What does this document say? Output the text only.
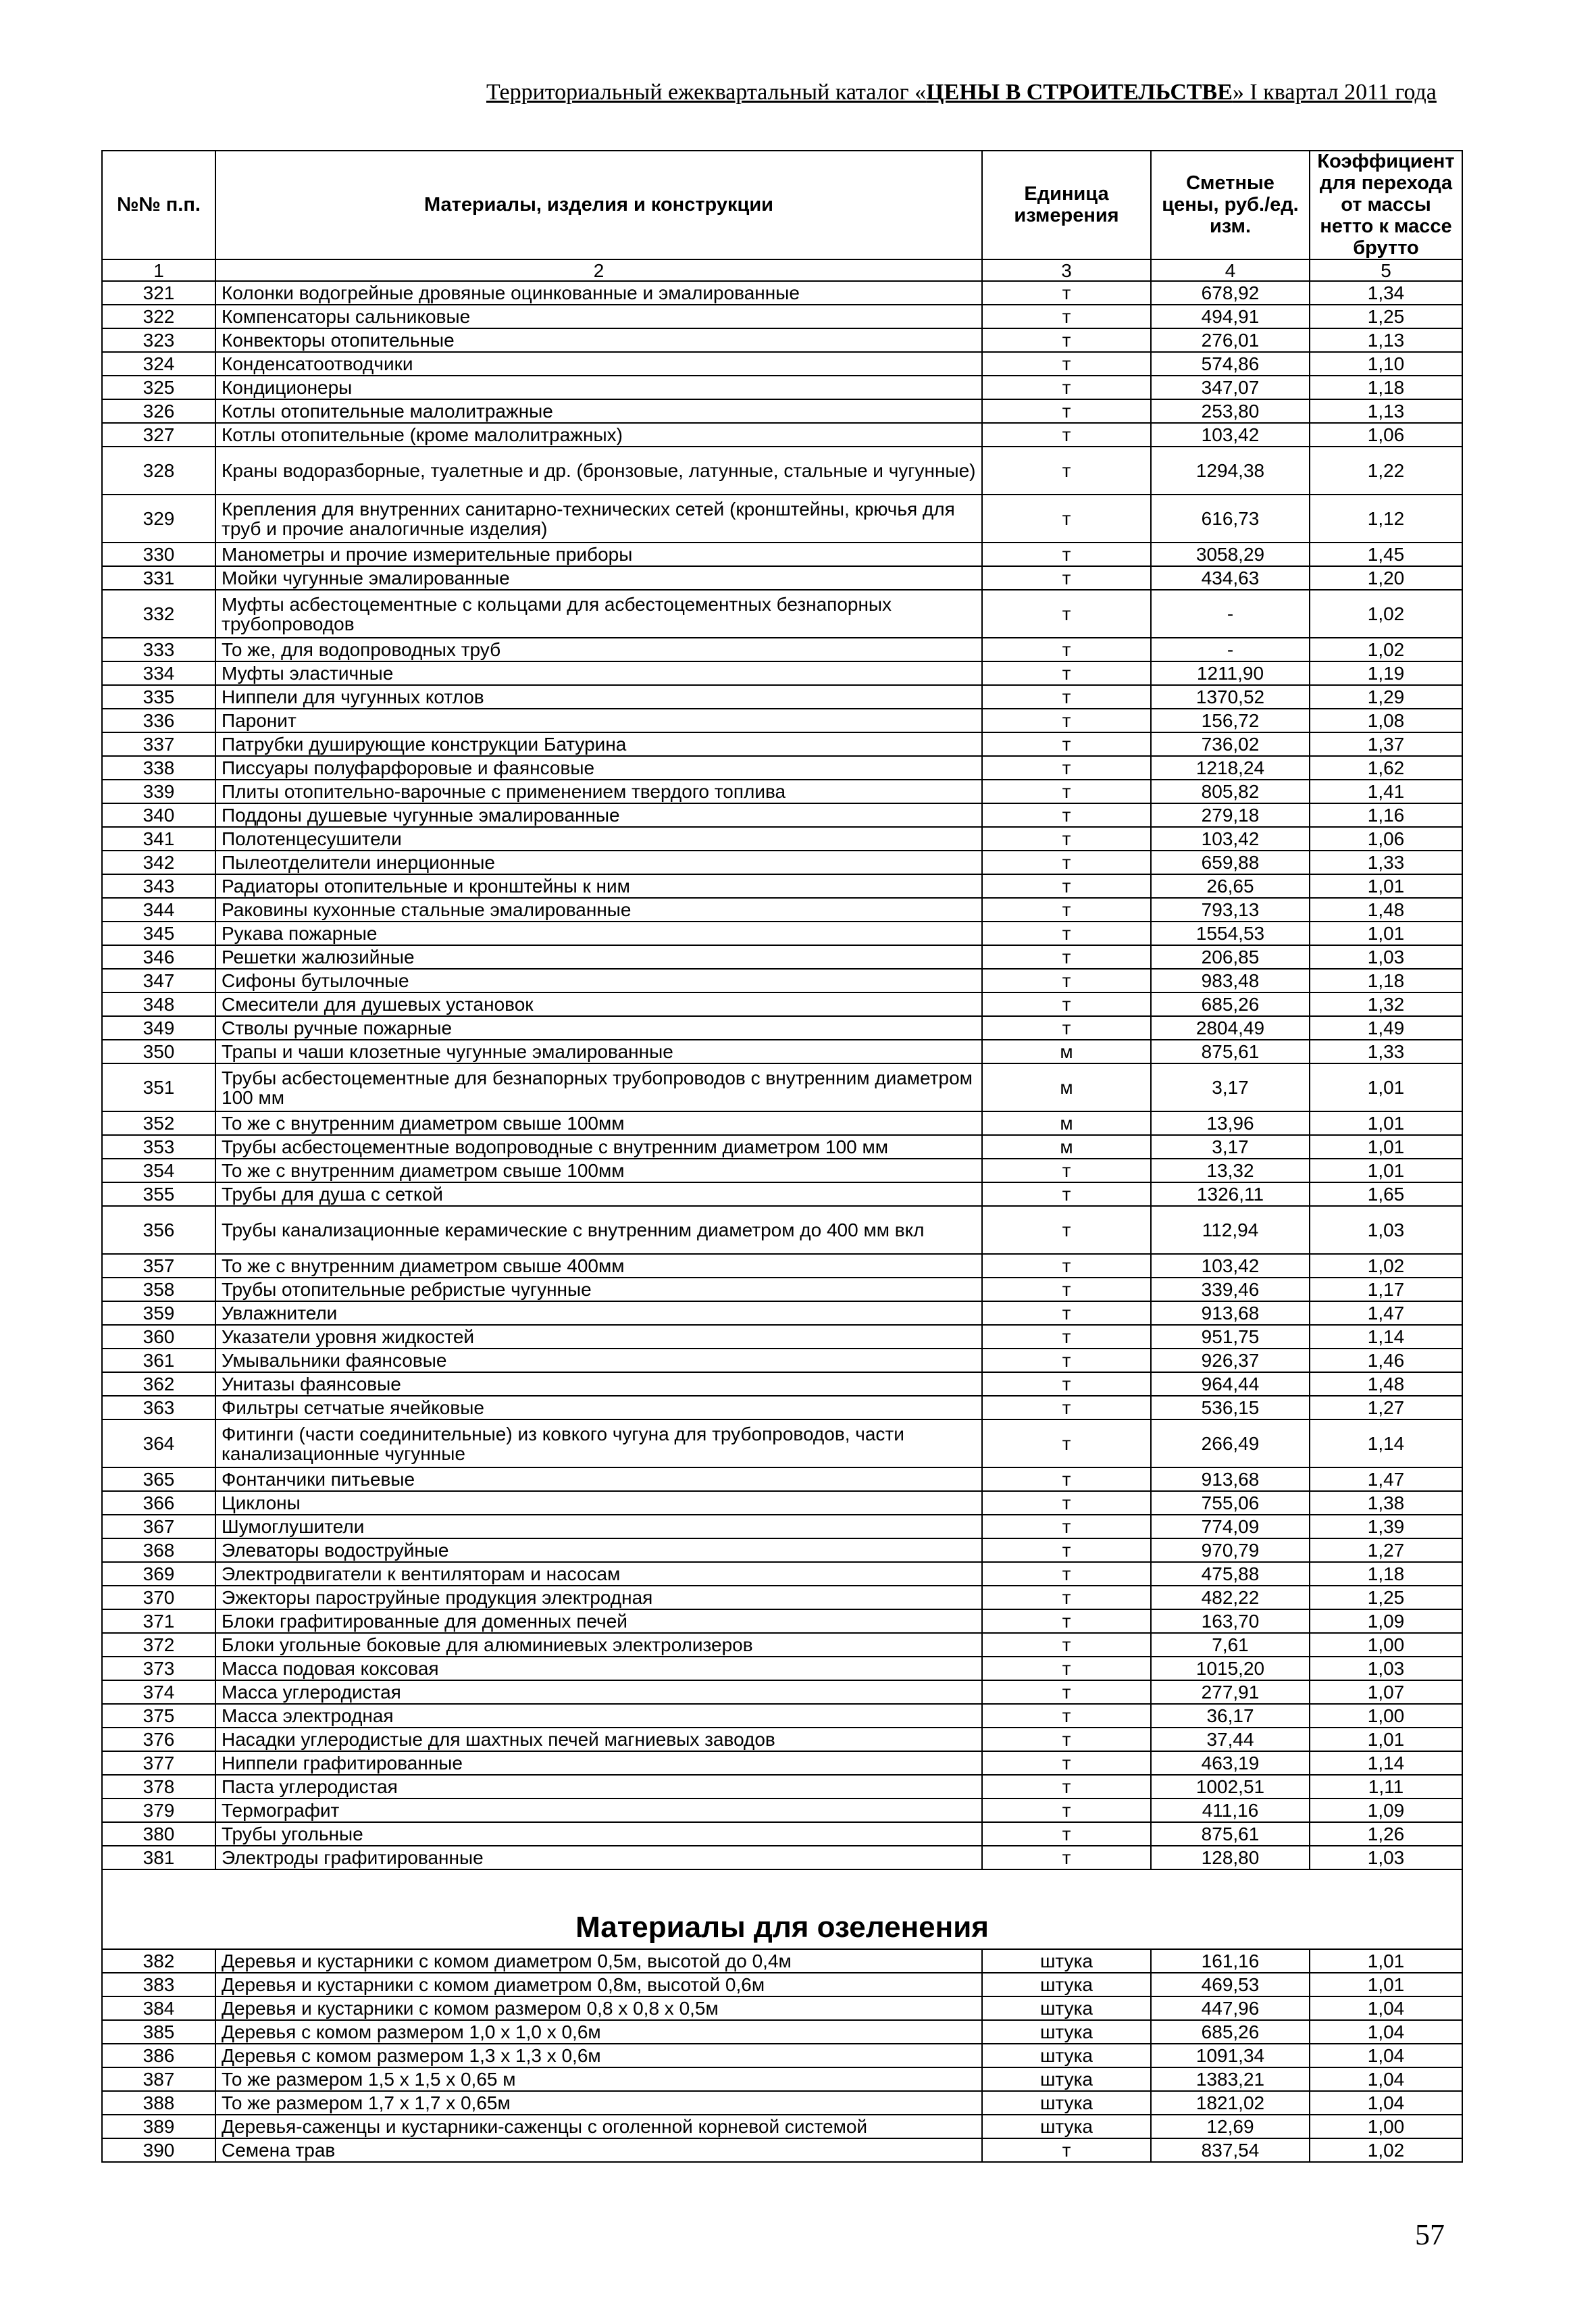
Территориальный ежеквартальный каталог «ЦЕНЫ В СТРОИТЕЛЬСТВЕ» I квартал 2011 года
№№ п.п.	Материалы, изделия и конструкции	Единица измерения	Сметные цены, руб./ед. изм.	Коэффициент для перехода от массы нетто к массе брутто
1	2	3	4	5
321	Колонки водогрейные дровяные оцинкованные и эмалированные	т	678,92	1,34
322	Компенсаторы сальниковые	т	494,91	1,25
323	Конвекторы отопительные	т	276,01	1,13
324	Конденсатоотводчики	т	574,86	1,10
325	Кондиционеры	т	347,07	1,18
326	Котлы отопительные малолитражные	т	253,80	1,13
327	Котлы отопительные (кроме малолитражных)	т	103,42	1,06
328	Краны водоразборные, туалетные и др. (бронзовые, латунные, стальные и чугунные)	т	1294,38	1,22
329	Крепления для внутренних санитарно-технических сетей (кронштейны, крючья для труб и прочие аналогичные изделия)	т	616,73	1,12
330	Манометры и прочие измерительные приборы	т	3058,29	1,45
331	Мойки чугунные эмалированные	т	434,63	1,20
332	Муфты асбестоцементные с кольцами для асбестоцементных безнапорных трубопроводов	т	-	1,02
333	То же, для водопроводных труб	т	-	1,02
334	Муфты эластичные	т	1211,90	1,19
335	Ниппели для чугунных котлов	т	1370,52	1,29
336	Паронит	т	156,72	1,08
337	Патрубки душирующие конструкции Батурина	т	736,02	1,37
338	Писсуары полуфарфоровые и фаянсовые	т	1218,24	1,62
339	Плиты отопительно-варочные с применением твердого топлива	т	805,82	1,41
340	Поддоны душевые чугунные эмалированные	т	279,18	1,16
341	Полотенцесушители	т	103,42	1,06
342	Пылеотделители инерционные	т	659,88	1,33
343	Радиаторы отопительные и кронштейны к ним	т	26,65	1,01
344	Раковины кухонные стальные эмалированные	т	793,13	1,48
345	Рукава пожарные	т	1554,53	1,01
346	Решетки жалюзийные	т	206,85	1,03
347	Сифоны бутылочные	т	983,48	1,18
348	Смесители для душевых установок	т	685,26	1,32
349	Стволы ручные пожарные	т	2804,49	1,49
350	Трапы и чаши клозетные чугунные эмалированные	м	875,61	1,33
351	Трубы асбестоцементные для безнапорных трубопроводов с внутренним диаметром 100 мм	м	3,17	1,01
352	То же с внутренним диаметром свыше 100мм	м	13,96	1,01
353	Трубы асбестоцементные водопроводные с внутренним диаметром 100 мм	м	3,17	1,01
354	То же с внутренним диаметром свыше 100мм	т	13,32	1,01
355	Трубы для душа с сеткой	т	1326,11	1,65
356	Трубы канализационные керамические с внутренним диаметром до 400 мм вкл	т	112,94	1,03
357	То же с внутренним диаметром свыше 400мм	т	103,42	1,02
358	Трубы отопительные ребристые чугунные	т	339,46	1,17
359	Увлажнители	т	913,68	1,47
360	Указатели уровня жидкостей	т	951,75	1,14
361	Умывальники фаянсовые	т	926,37	1,46
362	Унитазы фаянсовые	т	964,44	1,48
363	Фильтры сетчатые ячейковые	т	536,15	1,27
364	Фитинги (части соединительные) из ковкого чугуна для трубопроводов, части канализационные чугунные	т	266,49	1,14
365	Фонтанчики питьевые	т	913,68	1,47
366	Циклоны	т	755,06	1,38
367	Шумоглушители	т	774,09	1,39
368	Элеваторы водоструйные	т	970,79	1,27
369	Электродвигатели к вентиляторам и насосам	т	475,88	1,18
370	Эжекторы пароструйные продукция электродная	т	482,22	1,25
371	Блоки графитированные для доменных печей	т	163,70	1,09
372	Блоки угольные боковые для алюминиевых электролизеров	т	7,61	1,00
373	Масса подовая коксовая	т	1015,20	1,03
374	Масса углеродистая	т	277,91	1,07
375	Масса электродная	т	36,17	1,00
376	Насадки углеродистые для шахтных печей магниевых заводов	т	37,44	1,01
377	Ниппели графитированные	т	463,19	1,14
378	Паста углеродистая	т	1002,51	1,11
379	Термографит	т	411,16	1,09
380	Трубы угольные	т	875,61	1,26
381	Электроды графитированные	т	128,80	1,03
Материалы для озеленения				
382	Деревья и кустарники с комом диаметром 0,5м, высотой до 0,4м	штука	161,16	1,01
383	Деревья и кустарники с комом диаметром 0,8м, высотой 0,6м	штука	469,53	1,01
384	Деревья и кустарники с комом размером 0,8 х 0,8 х 0,5м	штука	447,96	1,04
385	Деревья с комом размером 1,0 х 1,0 х 0,6м	штука	685,26	1,04
386	Деревья с комом размером 1,3 х 1,3 х 0,6м	штука	1091,34	1,04
387	То же размером 1,5 х 1,5 х 0,65 м	штука	1383,21	1,04
388	То же размером 1,7 х 1,7 х 0,65м	штука	1821,02	1,04
389	Деревья-саженцы и кустарники-саженцы с оголенной корневой системой	штука	12,69	1,00
390	Семена трав	т	837,54	1,02
57
